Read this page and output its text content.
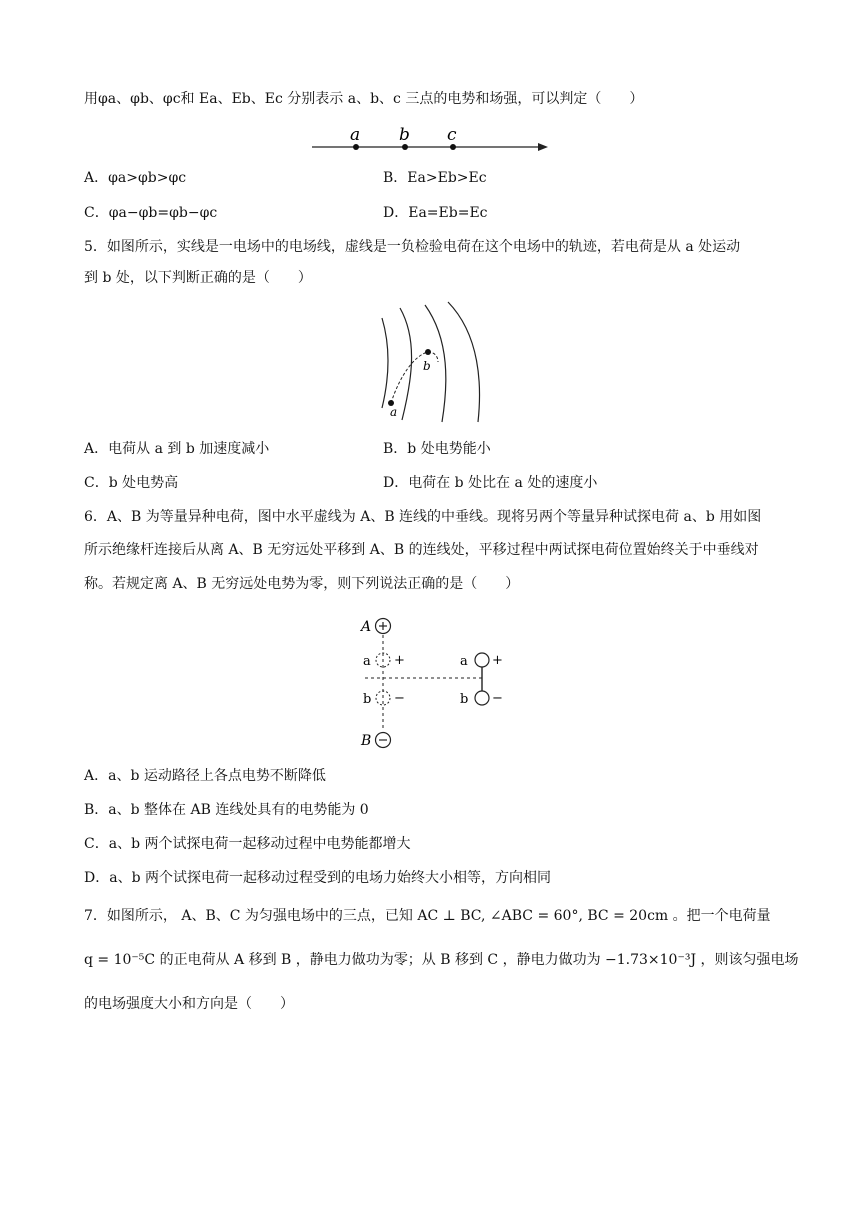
用φa、φb、φc和 Ea、Eb、Ec 分别表示 a、b、c 三点的电势和场强，可以判定（　　）
a b c
A．φa>φb>φc	B．Ea>Eb>Ec
C．φa−φb=φb−φc	D．Ea=Eb=Ec
5．如图所示，实线是一电场中的电场线，虚线是一负检验电荷在这个电场中的轨迹，若电荷是从 a 处运动
到 b 处，以下判断正确的是（　　）
a
b
A．电荷从 a 到 b 加速度减小	B．b 处电势能小
C．b 处电势高	D．电荷在 b 处比在 a 处的速度小
6．A、B 为等量异种电荷，图中水平虚线为 A、B 连线的中垂线。现将另两个等量异种试探电荷 a、b 用如图
所示绝缘杆连接后从离 A、B 无穷远处平移到 A、B 的连线处，平移过程中两试探电荷位置始终关于中垂线对
称。若规定离 A、B 无穷远处电势为零，则下列说法正确的是（　　）
A
B
a
b
+
−
a
b
+
−
A．a、b 运动路径上各点电势不断降低
B．a、b 整体在 AB 连线处具有的电势能为 0
C．a、b 两个试探电荷一起移动过程中电势能都增大
D．a、b 两个试探电荷一起移动过程受到的电场力始终大小相等，方向相同
7．如图所示， A、B、C 为匀强电场中的三点，已知 AC ⊥ BC, ∠ABC = 60°, BC = 20cm 。把一个电荷量
q = 10⁻⁵C 的正电荷从 A 移到 B ，静电力做功为零；从 B 移到 C ，静电力做功为 −1.73×10⁻³J ，则该匀强电场
的电场强度大小和方向是（　　）
